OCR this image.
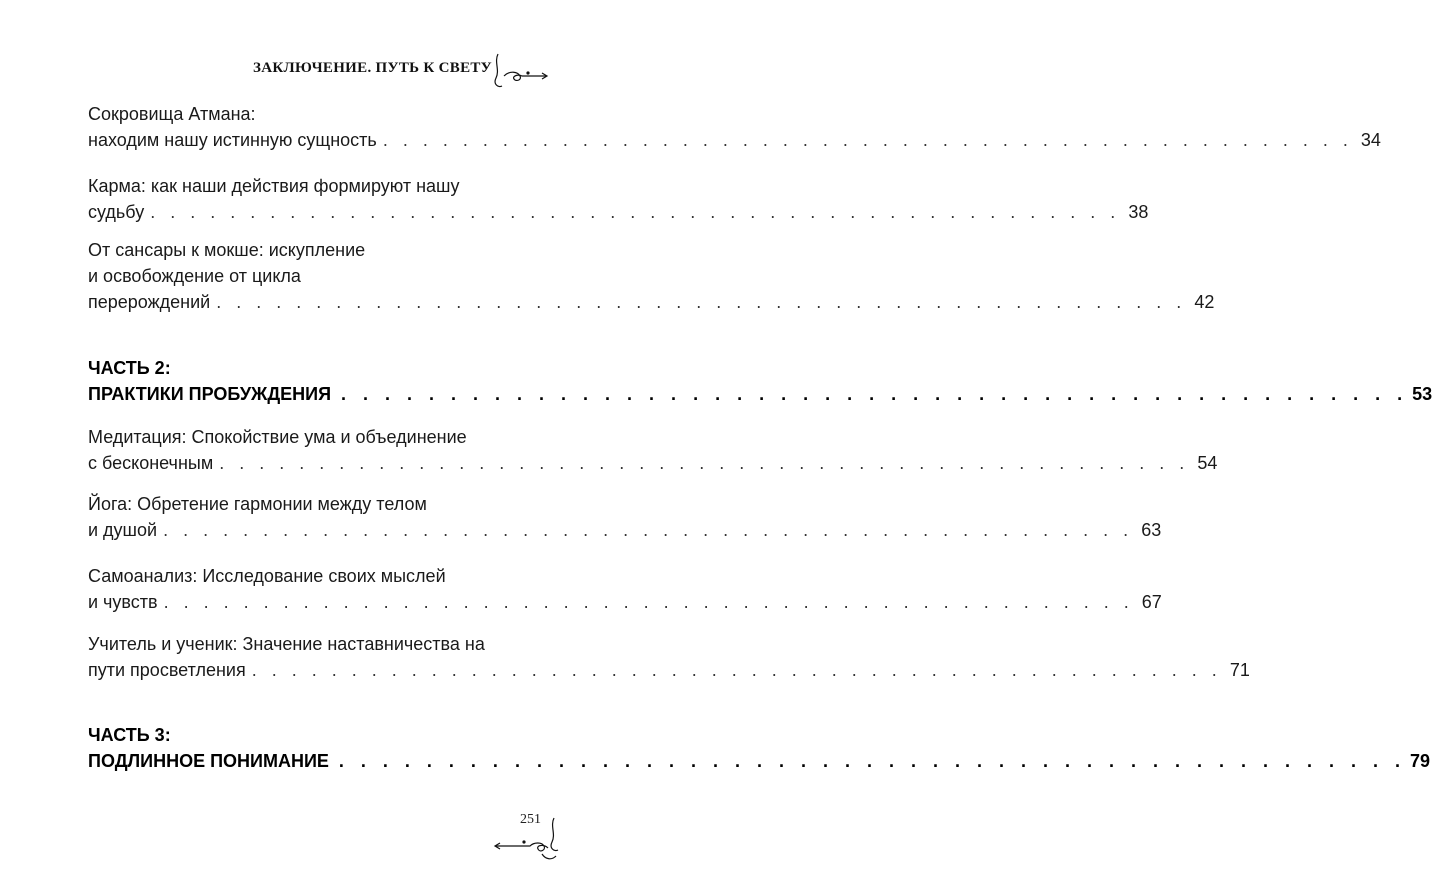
ЗАКЛЮЧЕНИЕ. ПУТЬ К СВЕТУ
Сокровища Атмана:
находим нашу истинную сущность . . . . . . . . . . . . . . . . . . . . . . . . . . . . . . . . . . . . . . . . . . . . . . . . . 34
Карма: как наши действия формируют нашу
судьбу . . . . . . . . . . . . . . . . . . . . . . . . . . . . . . . . . . . . . . . . . . . . . . . . . 38
От сансары к мокше: искупление
и освобождение от цикла
перерождений . . . . . . . . . . . . . . . . . . . . . . . . . . . . . . . . . . . . . . . . . . . . . . . . . 42
ЧАСТЬ 2:
ПРАКТИКИ ПРОБУЖДЕНИЯ . . . . . . . . . . . . . . . . . . . . . . . . . . . . . . . . . . . . . . . . . . . . . . . . . 53
Медитация: Спокойствие ума и объединение
с бесконечным . . . . . . . . . . . . . . . . . . . . . . . . . . . . . . . . . . . . . . . . . . . . . . . . . 54
Йога: Обретение гармонии между телом
и душой . . . . . . . . . . . . . . . . . . . . . . . . . . . . . . . . . . . . . . . . . . . . . . . . . 63
Самоанализ: Исследование своих мыслей
и чувств . . . . . . . . . . . . . . . . . . . . . . . . . . . . . . . . . . . . . . . . . . . . . . . . . 67
Учитель и ученик: Значение наставничества на
пути просветления . . . . . . . . . . . . . . . . . . . . . . . . . . . . . . . . . . . . . . . . . . . . . . . . . 71
ЧАСТЬ 3:
ПОДЛИННОЕ ПОНИМАНИЕ . . . . . . . . . . . . . . . . . . . . . . . . . . . . . . . . . . . . . . . . . . . . . . . . . 79
251
